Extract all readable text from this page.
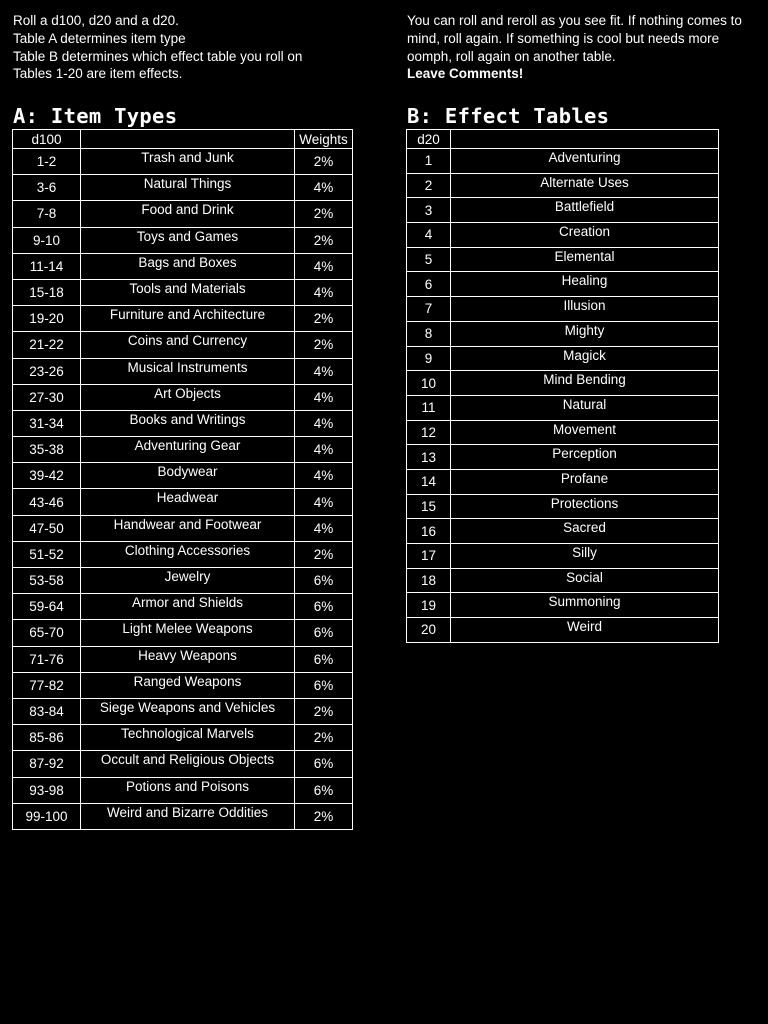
Roll a d100, d20 and a d20.

Table A determines item type

Table B determines which effect table you roll on

Tables 1-20 are item effects.

You can roll and reroll as you see fit. If nothing comes to mind, roll again. If something is cool but needs more oomph, roll again on another table.

Leave Comments!

A: Item Types	B: Effect Tables
d100		Weights
1-2	Trash and Junk	2%
3-6	Natural Things	4%
7-8	Food and Drink	2%
9-10	Toys and Games	2%
11-14	Bags and Boxes	4%
15-18	Tools and Materials	4%
19-20	Furniture and Architecture	2%
21-22	Coins and Currency	2%
23-26	Musical Instruments	4%
27-30	Art Objects	4%
31-34	Books and Writings	4%
35-38	Adventuring Gear	4%
39-42	Bodywear	4%
43-46	Headwear	4%
47-50	Handwear and Footwear	4%
51-52	Clothing Accessories	2%
53-58	Jewelry	6%
59-64	Armor and Shields	6%
65-70	Light Melee Weapons	6%
71-76	Heavy Weapons	6%
77-82	Ranged Weapons	6%
83-84	Siege Weapons and Vehicles	2%
85-86	Technological Marvels	2%
87-92	Occult and Religious Objects	6%
93-98	Potions and Poisons	6%
99-100	Weird and Bizarre Oddities	2%
d20	
1	Adventuring
2	Alternate Uses
3	Battlefield
4	Creation
5	Elemental
6	Healing
7	Illusion
8	Mighty
9	Magick
10	Mind Bending
11	Natural
12	Movement
13	Perception
14	Profane
15	Protections
16	Sacred
17	Silly
18	Social
19	Summoning
20	Weird
